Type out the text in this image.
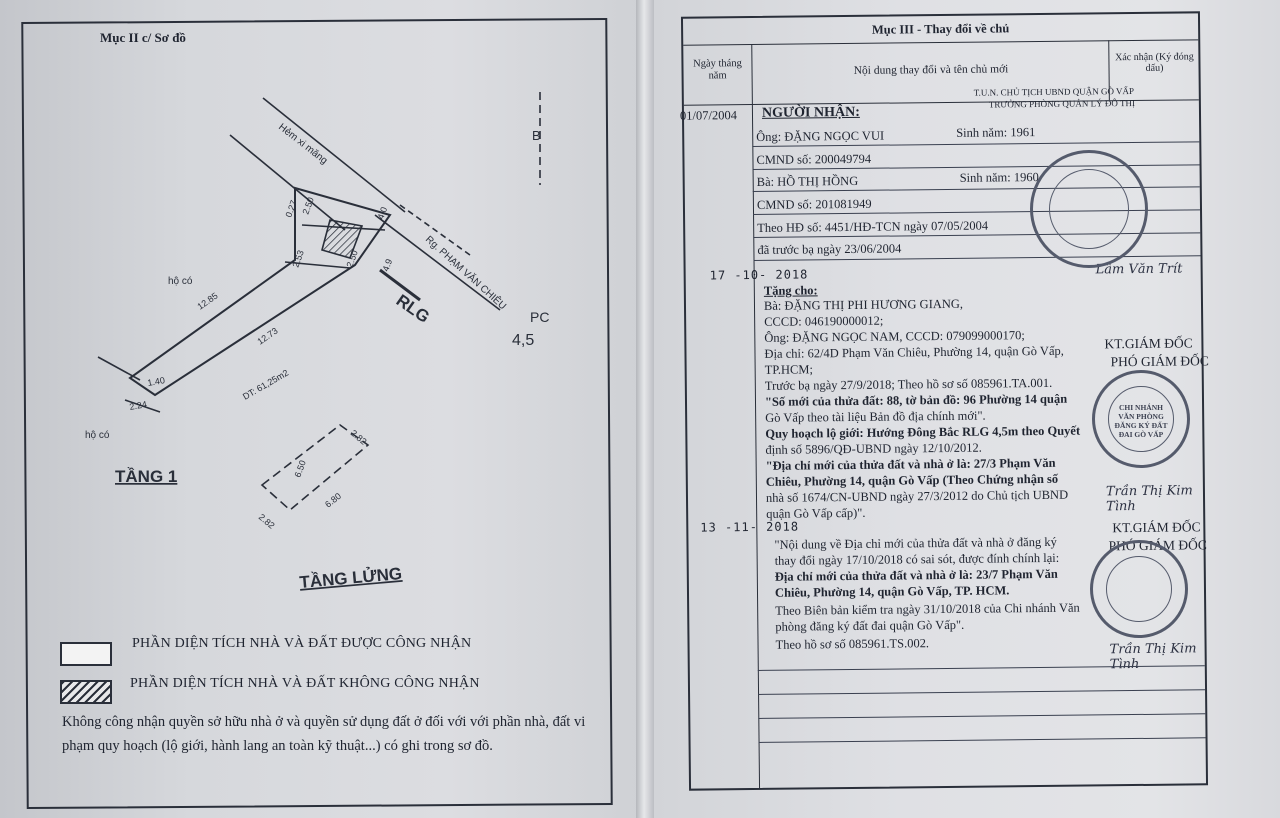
Mục II c/ Sơ đồ
Hẻm xi măng
Rg. PHẠM VĂN CHIÊU
B
hộ có
hộ có
PC
4,5
RLG
2.50
2.50
2.53
4.0
4.9
0.27
12.85
12.73
1.40
2.24
DT: 61,25m2
6.50
6.80
2.82
2.82
TẦNG 1
TẦNG LỬNG
PHẦN DIỆN TÍCH NHÀ VÀ ĐẤT ĐƯỢC CÔNG NHẬN
PHẦN DIỆN TÍCH NHÀ VÀ ĐẤT KHÔNG CÔNG NHẬN
Không công nhận quyền sở hữu nhà ở và quyền sử dụng đất ở đối với với phần nhà, đất vi phạm quy hoạch (lộ giới, hành lang an toàn kỹ thuật...) có ghi trong sơ đồ.
Mục III - Thay đổi về chủ
Ngày tháng năm	Nội dung thay đổi và tên chủ mới
Xác nhận (Ký đóng dấu)
01/07/2004 NGƯỜI NHẬN:
T.U.N. CHỦ TỊCH UBND QUẬN GÒ VẤP
TRƯỞNG PHÒNG QUẢN LÝ ĐÔ THỊ
Ông: ĐẶNG NGỌC VUI	Sinh năm: 1961
CMND số: 200049794
Bà: HỒ THỊ HỒNG	Sinh năm: 1960
CMND số: 201081949
Theo HĐ số: 4451/HĐ-TCN ngày 07/05/2004
đã trước bạ ngày 23/06/2004
Lâm Văn Trít
17 -10- 2018
Tặng cho:
Bà: ĐẶNG THỊ PHI HƯƠNG GIANG,
CCCD: 046190000012;
Ông: ĐẶNG NGỌC NAM, CCCD: 079099000170;
Địa chỉ: 62/4D Phạm Văn Chiêu, Phường 14, quận Gò Vấp,
TP.HCM;
Trước bạ ngày 27/9/2018; Theo hồ sơ số 085961.TA.001.
"Số mới của thửa đất: 88, tờ bản đồ: 96 Phường 14 quận
Gò Vấp theo tài liệu Bản đồ địa chính mới".
Quy hoạch lộ giới: Hướng Đông Bắc RLG 4,5m theo Quyết
định số 5896/QĐ-UBND ngày 12/10/2012.
"Địa chỉ mới của thửa đất và nhà ở là: 27/3 Phạm Văn
Chiêu, Phường 14, quận Gò Vấp (Theo Chứng nhận số
nhà số 1674/CN-UBND ngày 27/3/2012 do Chủ tịch UBND
quận Gò Vấp cấp)".
KT.GIÁM ĐỐC
PHÓ GIÁM ĐỐC
Trần Thị Kim Tình
13 -11- 2018
"Nội dung về Địa chỉ mới của thửa đất và nhà ở đăng ký
thay đổi ngày 17/10/2018 có sai sót, được đính chính lại:
Địa chỉ mới của thửa đất và nhà ở là: 23/7 Phạm Văn
Chiêu, Phường 14, quận Gò Vấp, TP. HCM.
Theo Biên bản kiểm tra ngày 31/10/2018 của Chi nhánh Văn
phòng đăng ký đất đai quận Gò Vấp".
Theo hồ sơ số 085961.TS.002.
KT.GIÁM ĐỐC
PHÓ GIÁM ĐỐC
Trần Thị Kim Tình
CHI NHÁNH VĂN PHÒNG ĐĂNG KÝ ĐẤT ĐAI GÒ VẤP
